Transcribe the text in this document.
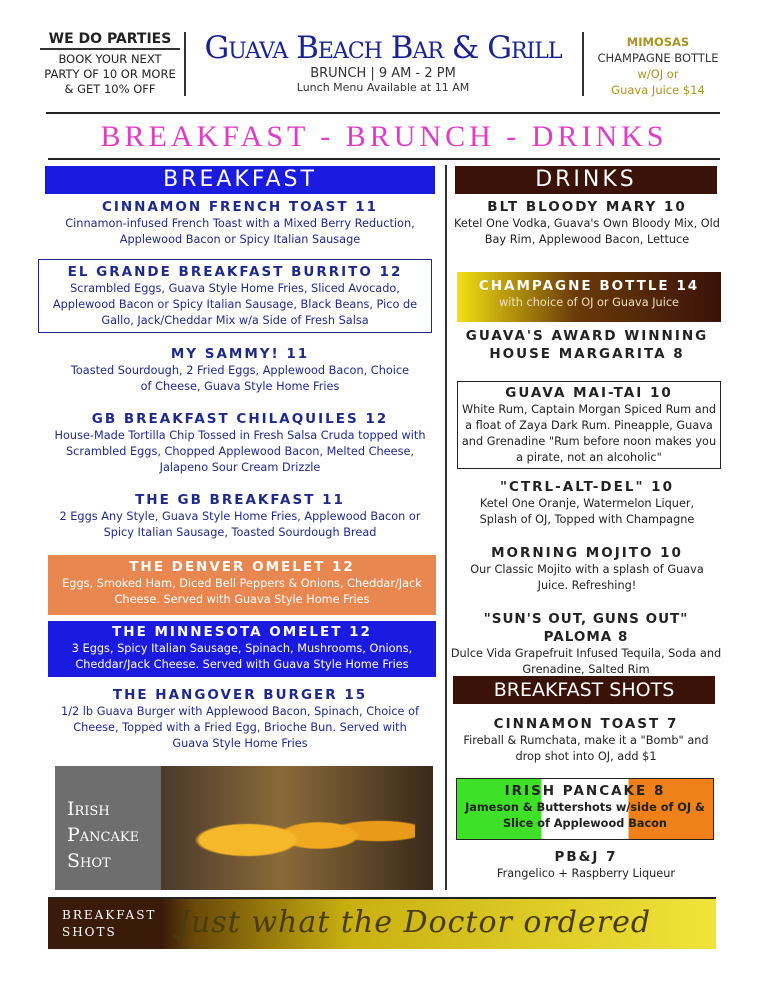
WE DO PARTIES
BOOK YOUR NEXT
PARTY OF 10 OR MORE
& GET 10% OFF
Guava Beach Bar & Grill
BRUNCH | 9 AM - 2 PM
Lunch Menu Available at 11 AM
MIMOSAS
CHAMPAGNE BOTTLE
w/OJ or
Guava Juice $14
BREAKFAST - BRUNCH - DRINKS
BREAKFAST
CINNAMON FRENCH TOAST 11
Cinnamon-infused French Toast with a Mixed Berry Reduction, Applewood Bacon or Spicy Italian Sausage
EL GRANDE BREAKFAST BURRITO 12
Scrambled Eggs, Guava Style Home Fries, Sliced Avocado, Applewood Bacon or Spicy Italian Sausage, Black Beans, Pico de Gallo, Jack/Cheddar Mix w/a Side of Fresh Salsa
MY SAMMY! 11
Toasted Sourdough, 2 Fried Eggs, Applewood Bacon, Choice of Cheese, Guava Style Home Fries
GB BREAKFAST CHILAQUILES 12
House-Made Tortilla Chip Tossed in Fresh Salsa Cruda topped with Scrambled Eggs, Chopped Applewood Bacon, Melted Cheese, Jalapeno Sour Cream Drizzle
THE GB BREAKFAST 11
2 Eggs Any Style, Guava Style Home Fries, Applewood Bacon or Spicy Italian Sausage, Toasted Sourdough Bread
THE DENVER OMELET 12
Eggs, Smoked Ham, Diced Bell Peppers & Onions, Cheddar/Jack Cheese. Served with Guava Style Home Fries
THE MINNESOTA OMELET 12
3 Eggs, Spicy Italian Sausage, Spinach, Mushrooms, Onions, Cheddar/Jack Cheese. Served with Guava Style Home Fries
THE HANGOVER BURGER 15
1/2 lb Guava Burger with Applewood Bacon, Spinach, Choice of Cheese, Topped with a Fried Egg, Brioche Bun. Served with Guava Style Home Fries
Irish
Pancake
Shot
DRINKS
BLT BLOODY MARY 10
Ketel One Vodka, Guava's Own Bloody Mix, Old Bay Rim, Applewood Bacon, Lettuce
CHAMPAGNE BOTTLE 14
with choice of OJ or Guava Juice
GUAVA'S AWARD WINNING HOUSE MARGARITA 8
GUAVA MAI-TAI 10
White Rum, Captain Morgan Spiced Rum and a float of Zaya Dark Rum. Pineapple, Guava and Grenadine "Rum before noon makes you a pirate, not an alcoholic"
"CTRL-ALT-DEL" 10
Ketel One Oranje, Watermelon Liquer, Splash of OJ, Topped with Champagne
MORNING MOJITO 10
Our Classic Mojito with a splash of Guava Juice. Refreshing!
"SUN'S OUT, GUNS OUT" PALOMA 8
Dulce Vida Grapefruit Infused Tequila, Soda and Grenadine, Salted Rim
BREAKFAST SHOTS
CINNAMON TOAST 7
Fireball & Rumchata, make it a "Bomb" and drop shot into OJ, add $1
IRISH PANCAKE 8
Jameson & Buttershots w/side of OJ & Slice of Applewood Bacon
PB&J 7
Frangelico + Raspberry Liqueur
BREAKFAST
SHOTS	Just what the Doctor ordered
